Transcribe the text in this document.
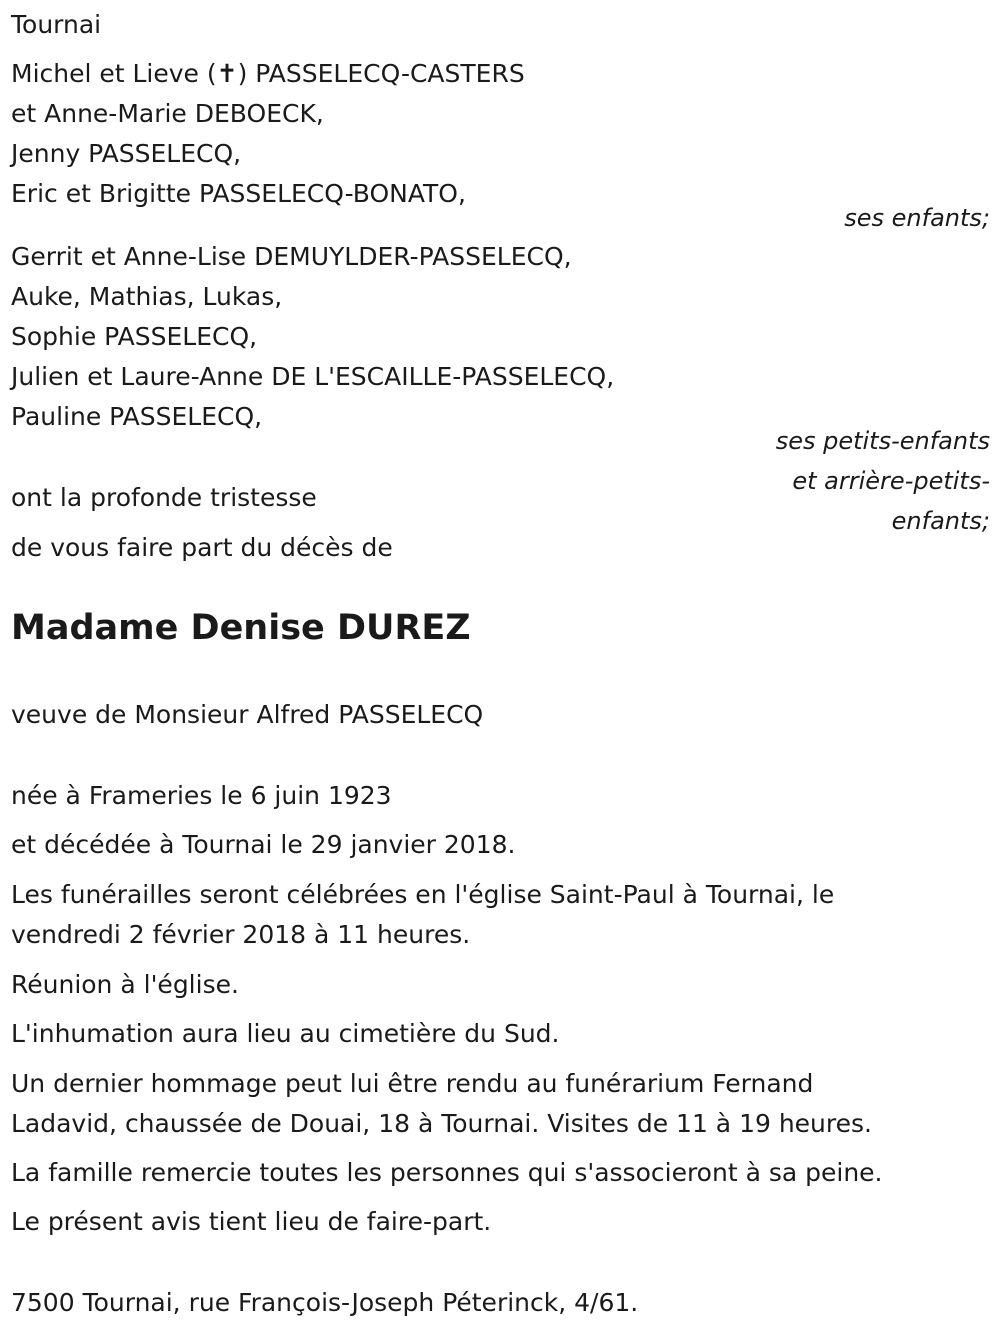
Tournai
Michel et Lieve (✝) PASSELECQ-CASTERS
et Anne-Marie DEBOECK,
Jenny PASSELECQ,
Eric et Brigitte PASSELECQ-BONATO,
ses enfants;
Gerrit et Anne-Lise DEMUYLDER-PASSELECQ,
Auke, Mathias, Lukas,
Sophie PASSELECQ,
Julien et Laure-Anne DE L'ESCAILLE-PASSELECQ,
Pauline PASSELECQ,
ses petits-enfants
et arrière-petits-
enfants;
ont la profonde tristesse
de vous faire part du décès de
Madame Denise DUREZ
veuve de Monsieur Alfred PASSELECQ
née à Frameries le 6 juin 1923
et décédée à Tournai le 29 janvier 2018.
Les funérailles seront célébrées en l'église Saint-Paul à Tournai, le
vendredi 2 février 2018 à 11 heures.
Réunion à l'église.
L'inhumation aura lieu au cimetière du Sud.
Un dernier hommage peut lui être rendu au funérarium Fernand
Ladavid, chaussée de Douai, 18 à Tournai. Visites de 11 à 19 heures.
La famille remercie toutes les personnes qui s'associeront à sa peine.
Le présent avis tient lieu de faire-part.
7500 Tournai, rue François-Joseph Péterinck, 4/61.
